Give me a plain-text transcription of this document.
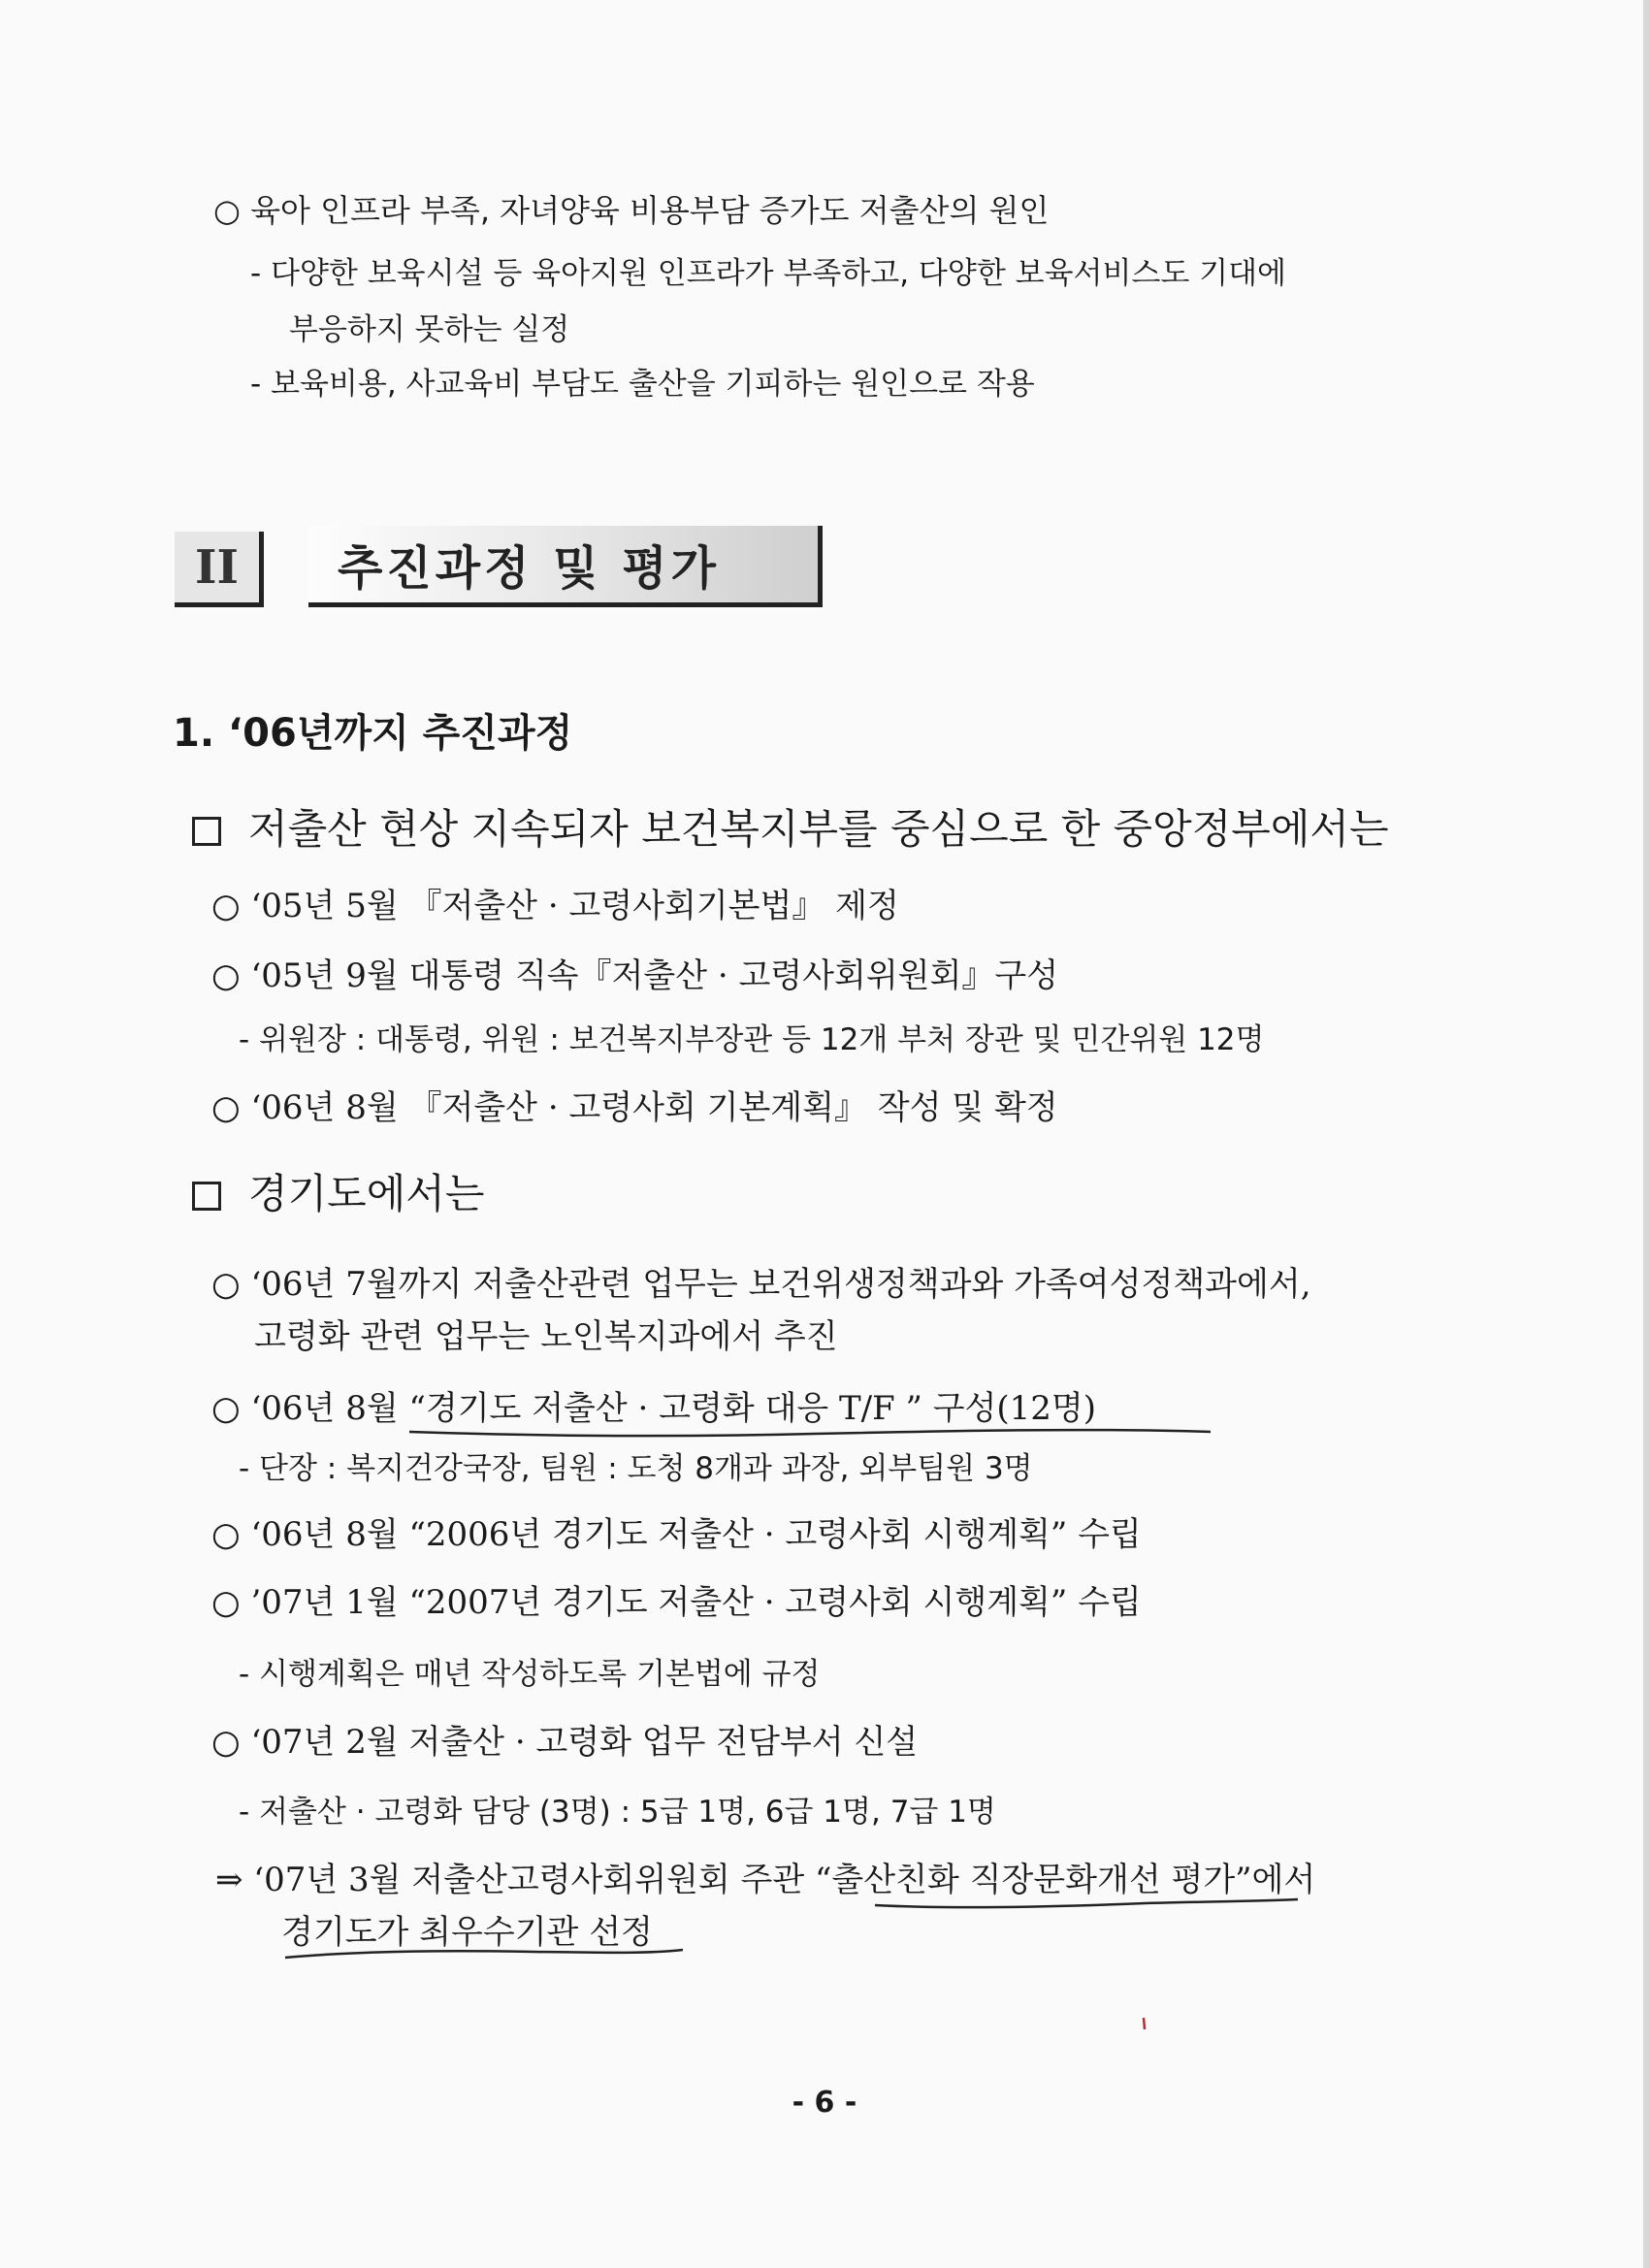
○ 육아 인프라 부족, 자녀양육 비용부담 증가도 저출산의 원인
- 다양한 보육시설 등 육아지원 인프라가 부족하고, 다양한 보육서비스도 기대에
부응하지 못하는 실정
- 보육비용, 사교육비 부담도 출산을 기피하는 원인으로 작용
II 추진과정 및 평가
1. ‘06년까지 추진과정
저출산 현상 지속되자 보건복지부를 중심으로 한 중앙정부에서는
○ ‘05년 5월 『저출산 · 고령사회기본법』 제정
○ ‘05년 9월 대통령 직속『저출산 · 고령사회위원회』구성
- 위원장 : 대통령, 위원 : 보건복지부장관 등 12개 부처 장관 및 민간위원 12명
○ ‘06년 8월 『저출산 · 고령사회 기본계획』 작성 및 확정
경기도에서는
○ ‘06년 7월까지 저출산관련 업무는 보건위생정책과와 가족여성정책과에서,
고령화 관련 업무는 노인복지과에서 추진
○ ‘06년 8월 “경기도 저출산 · 고령화 대응 T/F ” 구성(12명)
- 단장 : 복지건강국장, 팀원 : 도청 8개과 과장, 외부팀원 3명
○ ‘06년 8월 “2006년 경기도 저출산 · 고령사회 시행계획” 수립
○ ’07년 1월 “2007년 경기도 저출산 · 고령사회 시행계획” 수립
- 시행계획은 매년 작성하도록 기본법에 규정
○ ‘07년 2월 저출산 · 고령화 업무 전담부서 신설
- 저출산 · 고령화 담당 (3명) : 5급 1명, 6급 1명, 7급 1명
⇒ ‘07년 3월 저출산고령사회위원회 주관 “출산친화 직장문화개선 평가”에서
경기도가 최우수기관 선정
- 6 -
